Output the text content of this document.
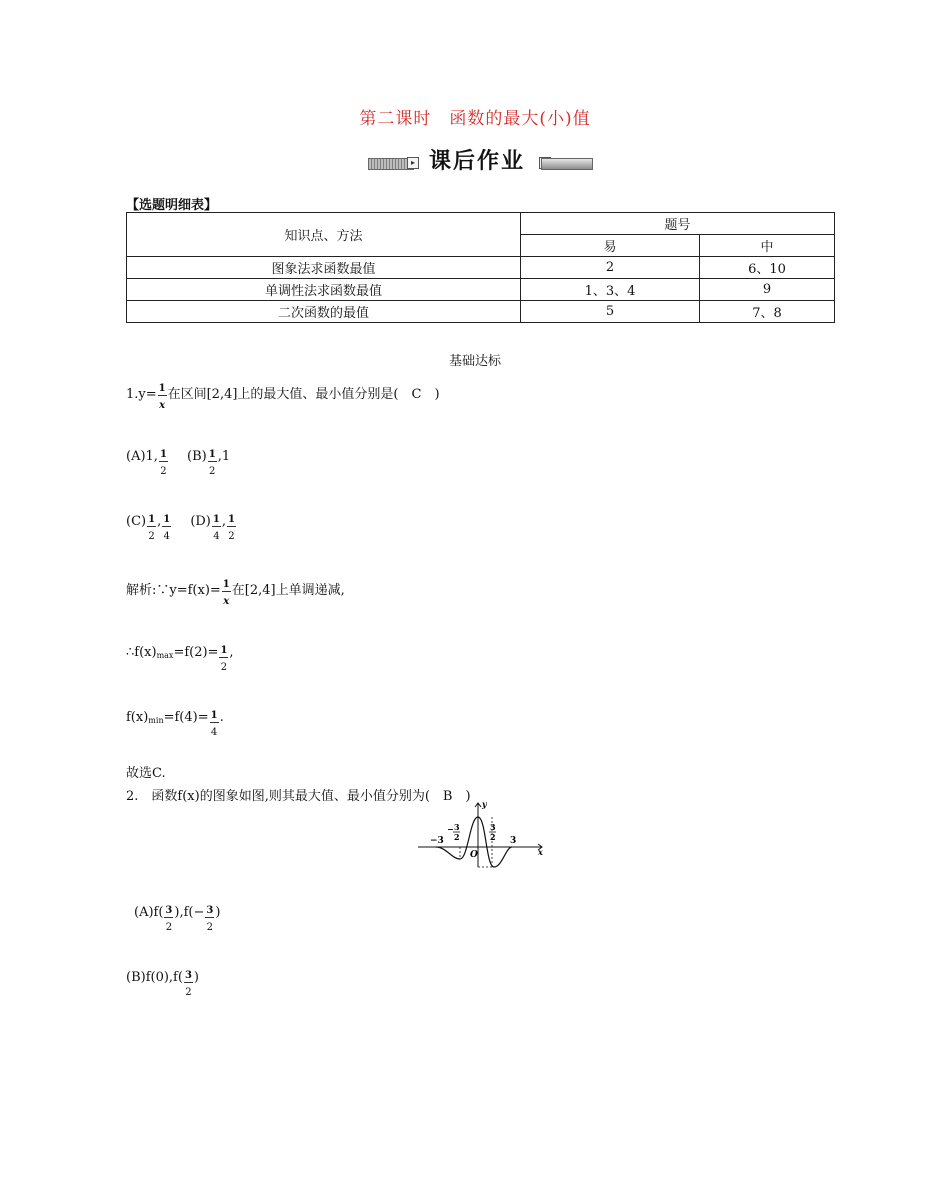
第二课时　函数的最大(小)值
▸ 课后作业
【选题明细表】
知识点、方法	题号	
	易	中
图象法求函数最值	2	6、10
单调性法求函数最值	1、3、4	9
二次函数的最值	5	7、8
基础达标
$1.y= \frac{1}{x}$ 在区间[2,4]上的最大值、最小值分别是(　C　)
(A)1, $\frac{1}{2} (B) \frac{1}{2} ,1$
$(C) \frac{1}{2}$ , $\frac{1}{4} (D) \frac{1}{4}$ , $\frac{1}{2}$
解析:∵y=f(x)= $\frac{1}{x}$ 在[2,4]上单调递减,
$\therefore f(x)_{max}=f(2)= \frac{1}{2}$ ,
$f(x)_{min}=f(4)= \frac{1}{4}$ .
故选C.
2.　函数f(x)的图象如图,则其最大值、最小值分别为(　B　) y
x
O
−3	3
− 3
2
3
2
$(A)f( \frac{3}{2} ),f(- \frac{3}{2}$ )
$(B)f(0),f( \frac{3}{2}$ )
